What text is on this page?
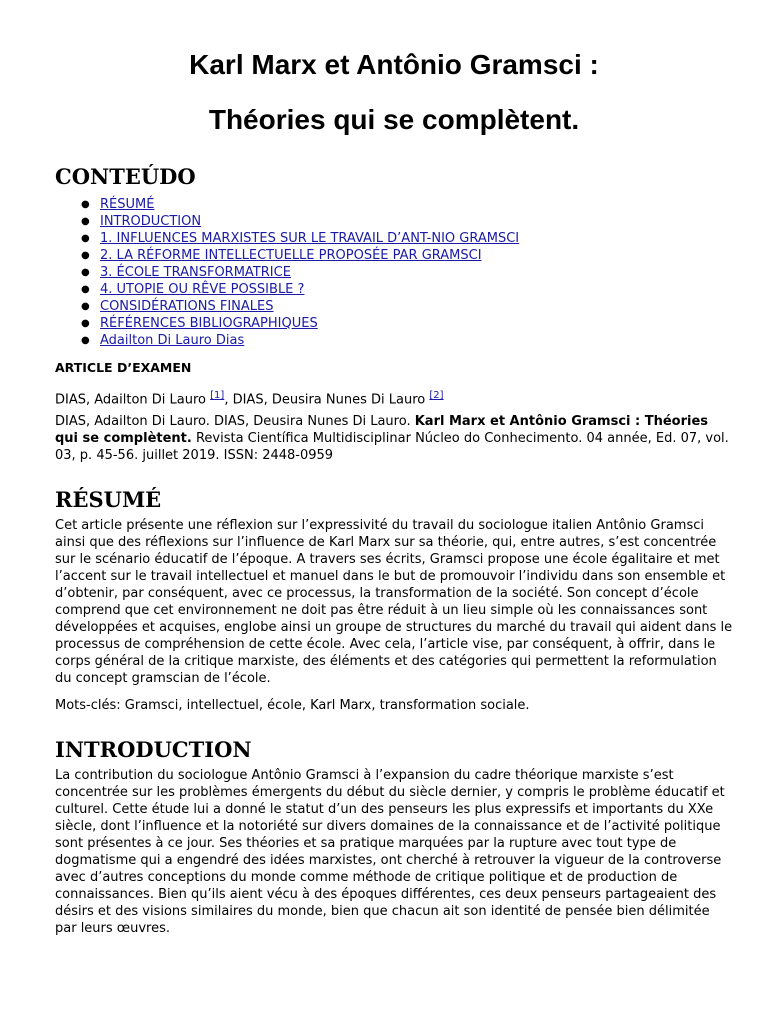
Karl Marx et Antônio Gramsci :
Théories qui se complètent.
CONTEÚDO
● RÉSUMÉ
● INTRODUCTION
● 1. INFLUENCES MARXISTES SUR LE TRAVAIL D’ANT-NIO GRAMSCI
● 2. LA RÉFORME INTELLECTUELLE PROPOSÉE PAR GRAMSCI
● 3. ÉCOLE TRANSFORMATRICE
● 4. UTOPIE OU RÊVE POSSIBLE ?
● CONSIDÉRATIONS FINALES
● RÉFÉRENCES BIBLIOGRAPHIQUES
● Adailton Di Lauro Dias

ARTICLE D’EXAMEN

DIAS, Adailton Di Lauro [1], DIAS, Deusira Nunes Di Lauro [2]

DIAS, Adailton Di Lauro. DIAS, Deusira Nunes Di Lauro. Karl Marx et Antônio Gramsci : Théories qui se complètent. Revista Científica Multidisciplinar Núcleo do Conhecimento. 04 année, Ed. 07, vol. 03, p. 45-56. juillet 2019. ISSN: 2448-0959

RÉSUMÉ

Cet article présente une réflexion sur l’expressivité du travail du sociologue italien Antônio Gramsci ainsi que des réflexions sur l’influence de Karl Marx sur sa théorie, qui, entre autres, s’est concentrée sur le scénario éducatif de l’époque. A travers ses écrits, Gramsci propose une école égalitaire et met l’accent sur le travail intellectuel et manuel dans le but de promouvoir l’individu dans son ensemble et d’obtenir, par conséquent, avec ce processus, la transformation de la société. Son concept d’école comprend que cet environnement ne doit pas être réduit à un lieu simple où les connaissances sont développées et acquises, englobe ainsi un groupe de structures du marché du travail qui aident dans le processus de compréhension de cette école. Avec cela, l’article vise, par conséquent, à offrir, dans le corps général de la critique marxiste, des éléments et des catégories qui permettent la reformulation du concept gramscian de l’école.

Mots-clés: Gramsci, intellectuel, école, Karl Marx, transformation sociale.

INTRODUCTION

La contribution du sociologue Antônio Gramsci à l’expansion du cadre théorique marxiste s’est concentrée sur les problèmes émergents du début du siècle dernier, y compris le problème éducatif et culturel. Cette étude lui a donné le statut d’un des penseurs les plus expressifs et importants du XXe siècle, dont l’influence et la notoriété sur divers domaines de la connaissance et de l’activité politique sont présentes à ce jour. Ses théories et sa pratique marquées par la rupture avec tout type de dogmatisme qui a engendré des idées marxistes, ont cherché à retrouver la vigueur de la controverse avec d’autres conceptions du monde comme méthode de critique politique et de production de connaissances. Bien qu’ils aient vécu à des époques différentes, ces deux penseurs partageaient des désirs et des visions similaires du monde, bien que chacun ait son identité de pensée bien délimitée par leurs œuvres.
